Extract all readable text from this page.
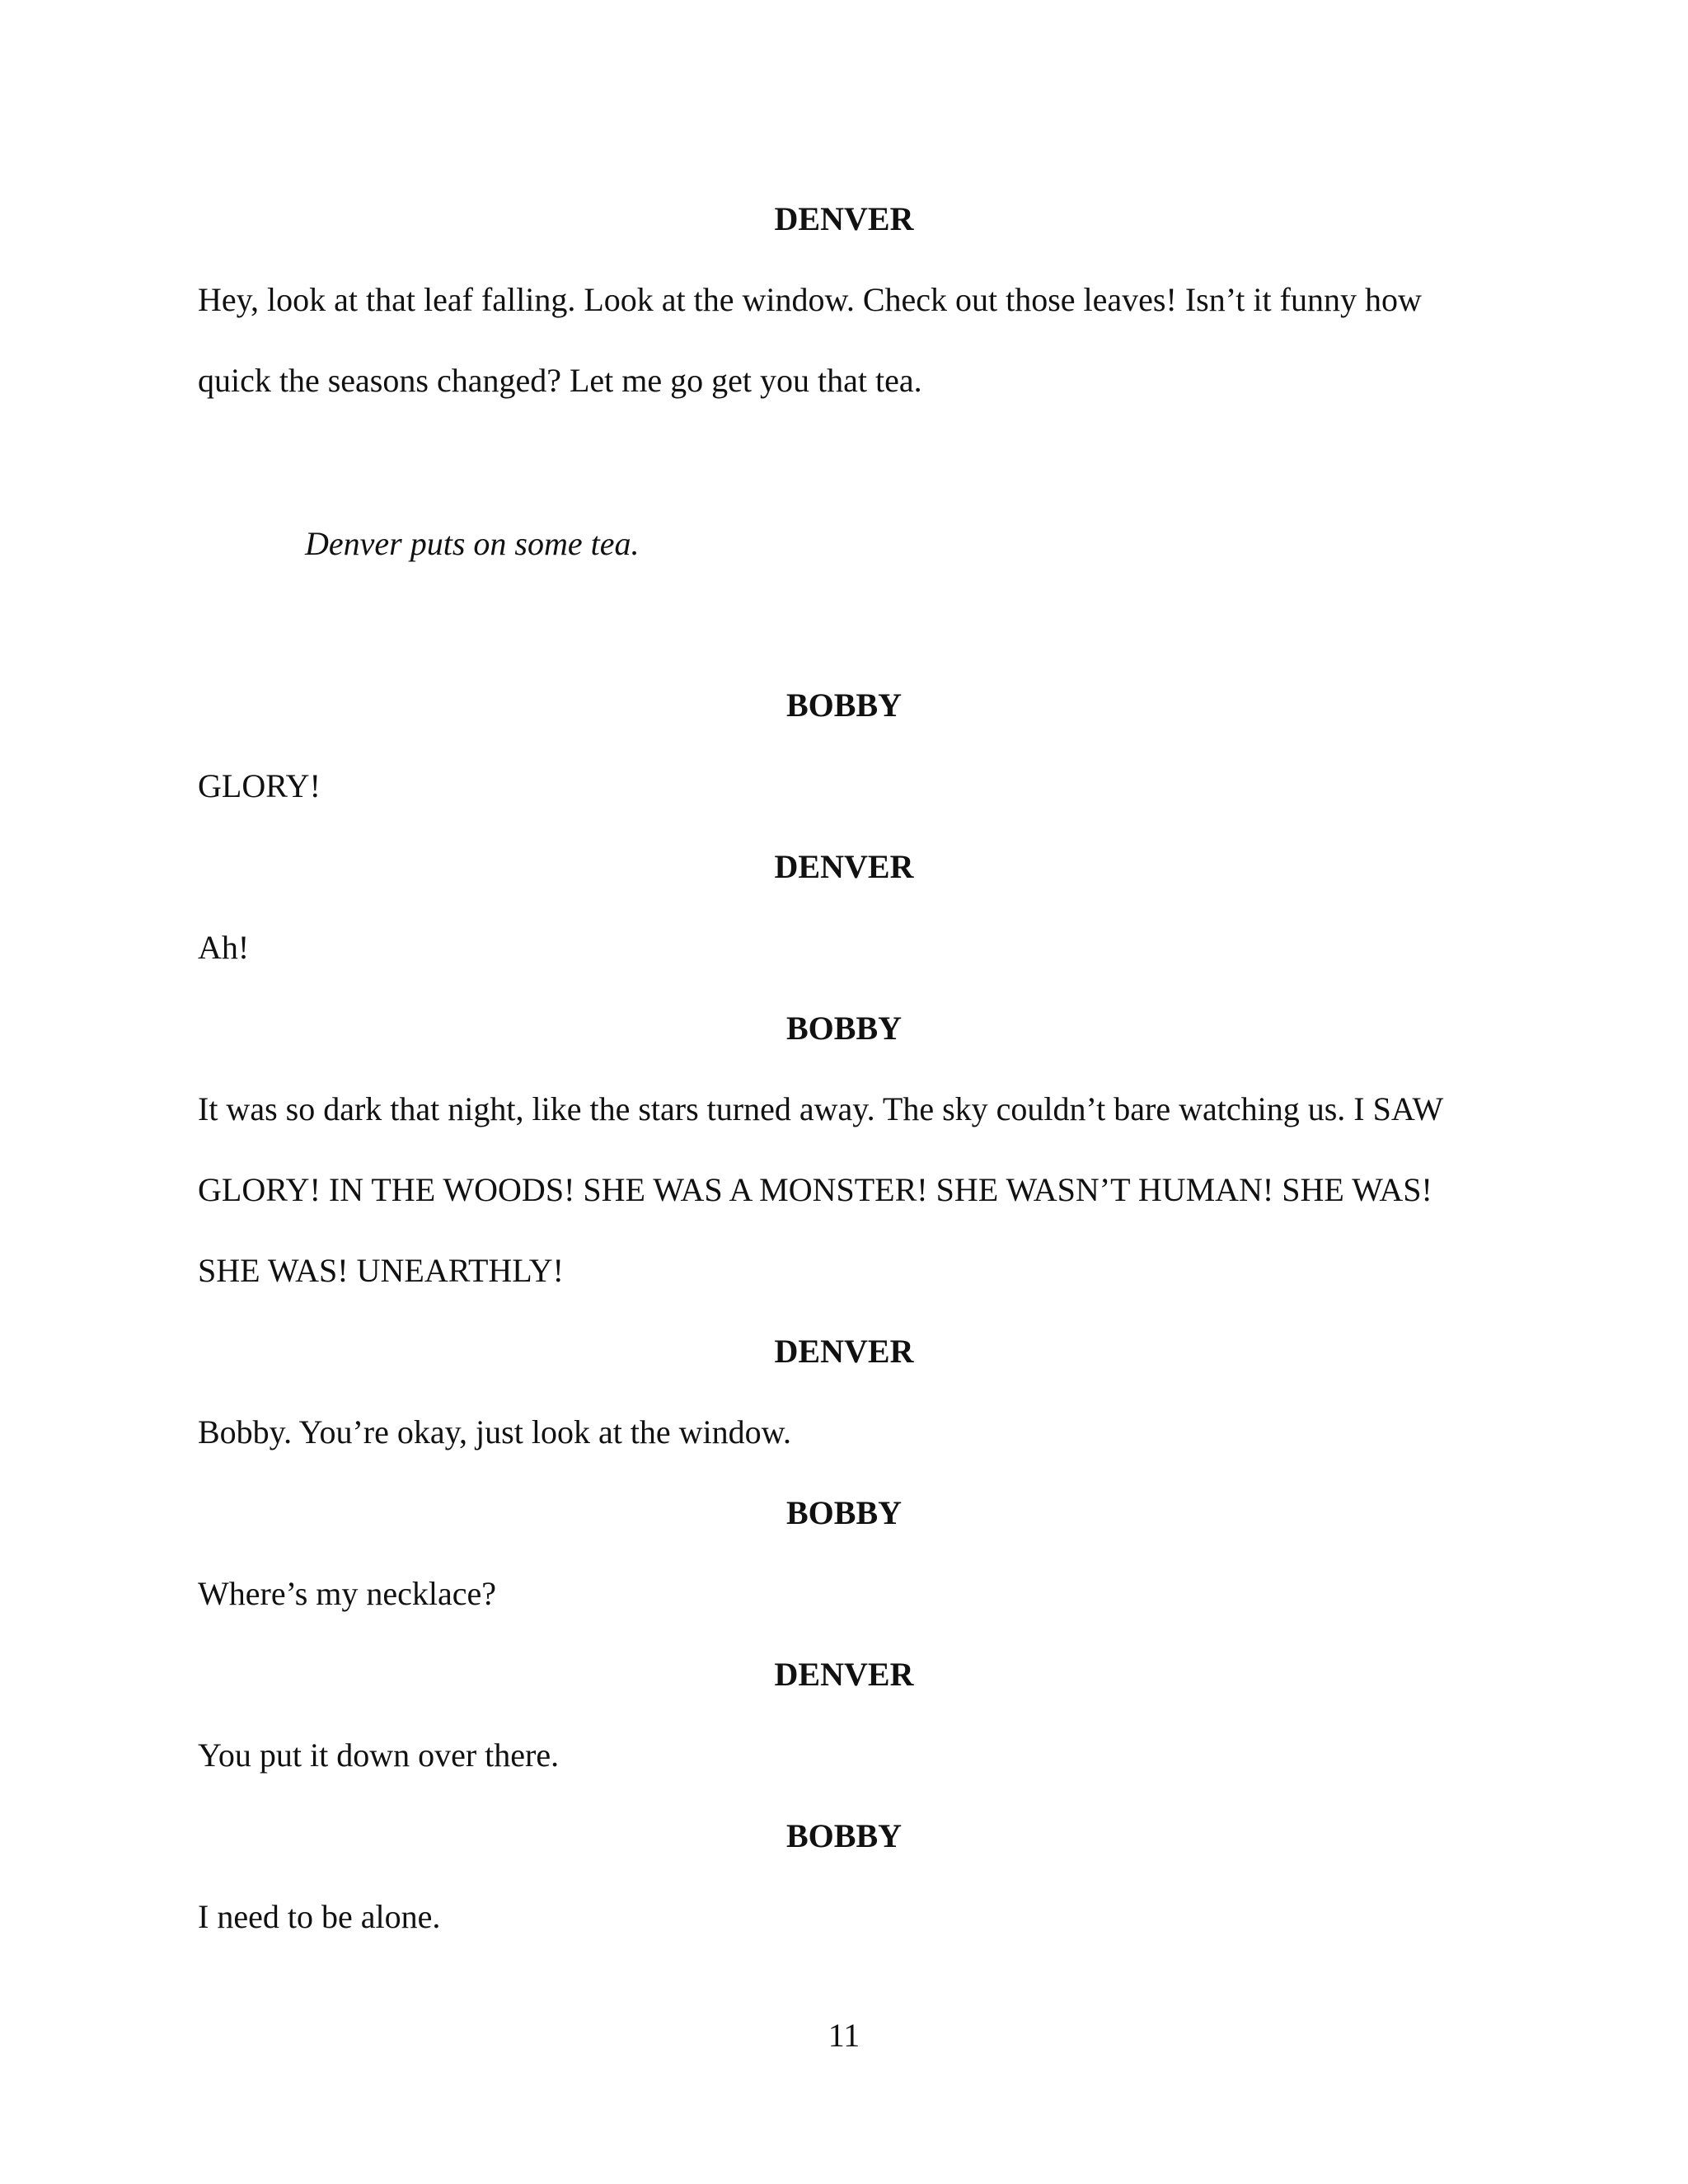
DENVER
Hey, look at that leaf falling. Look at the window. Check out those leaves! Isn’t it funny how
quick the seasons changed? Let me go get you that tea.
Denver puts on some tea.
BOBBY
GLORY!
DENVER
Ah!
BOBBY
It was so dark that night, like the stars turned away. The sky couldn’t bare watching us. I SAW
GLORY! IN THE WOODS! SHE WAS A MONSTER! SHE WASN’T HUMAN! SHE WAS!
SHE WAS! UNEARTHLY!
DENVER
Bobby. You’re okay, just look at the window.
BOBBY
Where’s my necklace?
DENVER
You put it down over there.
BOBBY
I need to be alone.
11
